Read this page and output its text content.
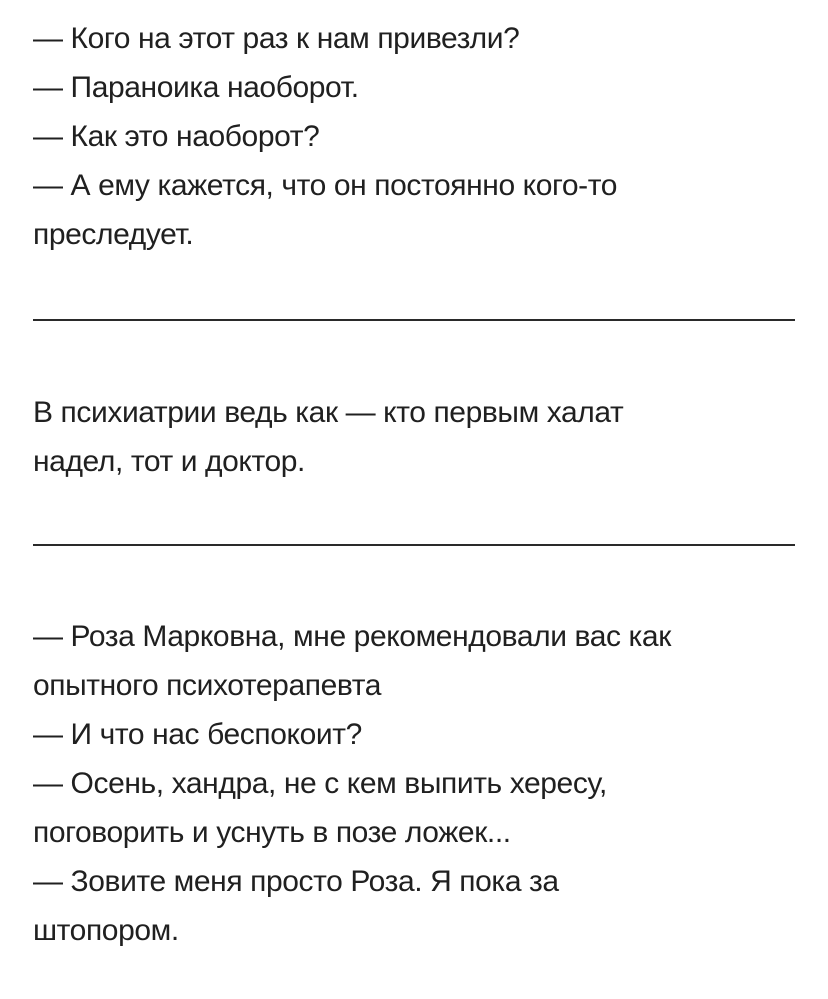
— Кого на этот раз к нам привезли?
— Параноика наоборот.
— Как это наоборот?
— А ему кажется, что он постоянно кого-то
преследует.
В психиатрии ведь как — кто первым халат
надел, тот и доктор.
— Роза Марковна, мне рекомендовали вас как
опытного психотерапевта
— И что нас беспокоит?
— Осень, хандра, не с кем выпить хересу,
поговорить и уснуть в позе ложек...
— Зовите меня просто Роза. Я пока за
штопором.
